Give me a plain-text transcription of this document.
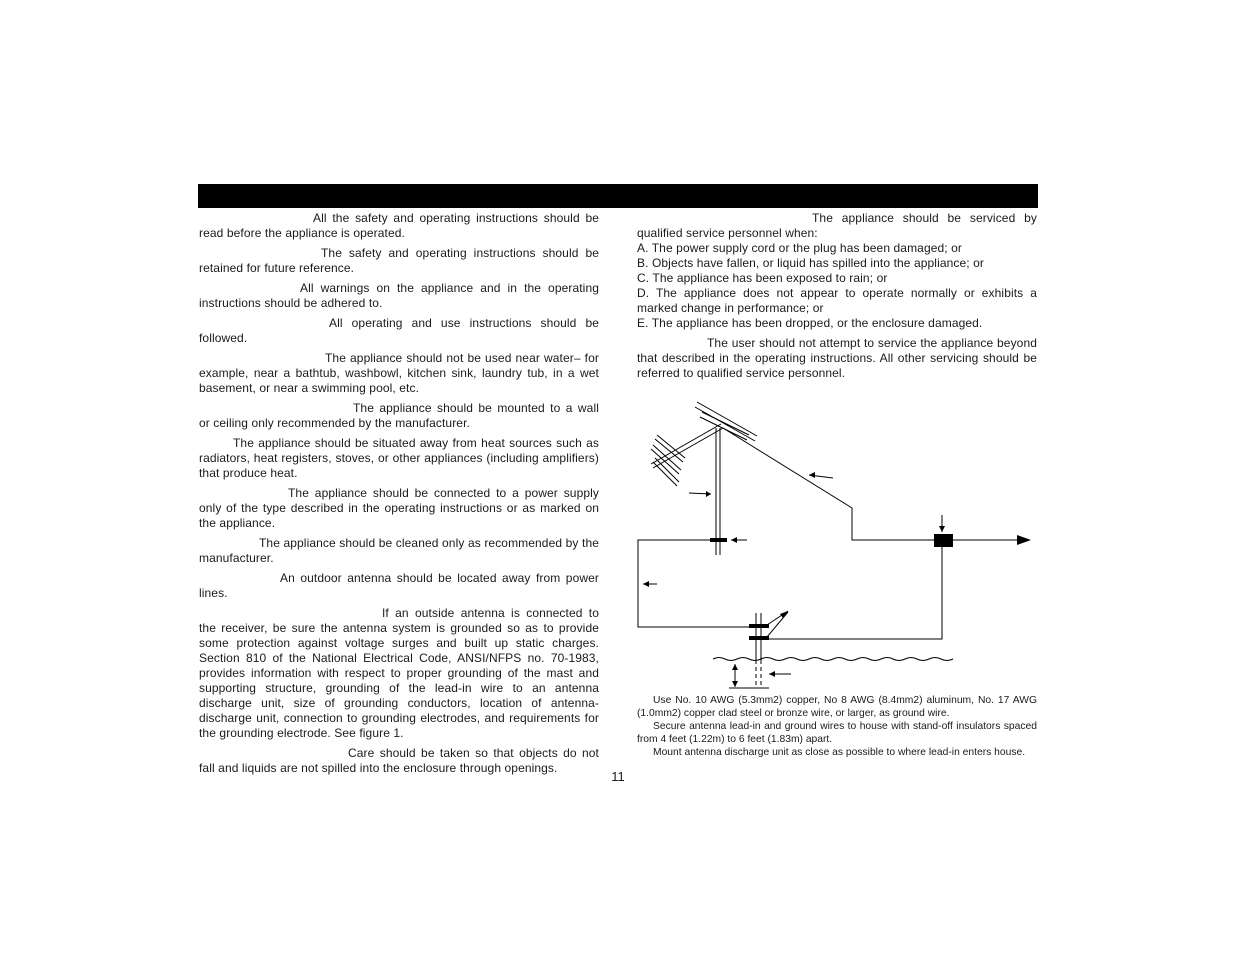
All the safety and operating instructions should be read before the appliance is operated.

The safety and operating instructions should be retained for future reference.

All warnings on the appliance and in the operating instructions should be adhered to.

All operating and use instructions should be followed.

The appliance should not be used near water– for example, near a bathtub, washbowl, kitchen sink, laundry tub, in a wet basement, or near a swimming pool, etc.

The appliance should be mounted to a wall or ceiling only recommended by the manufacturer.

The appliance should be situated away from heat sources such as radiators, heat registers, stoves, or other appliances (including amplifiers) that produce heat.

The appliance should be connected to a power supply only of the type described in the operating instructions or as marked on the appliance.

The appliance should be cleaned only as recommended by the manufacturer.

An outdoor antenna should be located away from power lines.

If an outside antenna is connected to the receiver, be sure the antenna system is grounded so as to provide some protection against voltage surges and built up static charges. Section 810 of the National Electrical Code, ANSI/NFPS no. 70-1983, provides information with respect to proper grounding of the mast and supporting structure, grounding of the lead-in wire to an antenna discharge unit, size of grounding conductors, location of antenna-discharge unit, connection to grounding electrodes, and requirements for the grounding electrode. See figure 1.

Care should be taken so that objects do not fall and liquids are not spilled into the enclosure through openings.

The appliance should be serviced by qualified service personnel when:

A. The power supply cord or the plug has been damaged; or

B. Objects have fallen, or liquid has spilled into the appliance; or

C. The appliance has been exposed to rain; or

D. The appliance does not appear to operate normally or exhibits a marked change in performance; or

E. The appliance has been dropped, or the enclosure damaged.

The user should not attempt to service the appliance beyond that described in the operating instructions. All other servicing should be referred to qualified service personnel.

Use No. 10 AWG (5.3mm2) copper, No 8 AWG (8.4mm2) aluminum, No. 17 AWG (1.0mm2) copper clad steel or bronze wire, or larger, as ground wire.

Secure antenna lead-in and ground wires to house with stand-off insulators spaced from 4 feet (1.22m) to 6 feet (1.83m) apart.

Mount antenna discharge unit as close as possible to where lead-in enters house.

11
